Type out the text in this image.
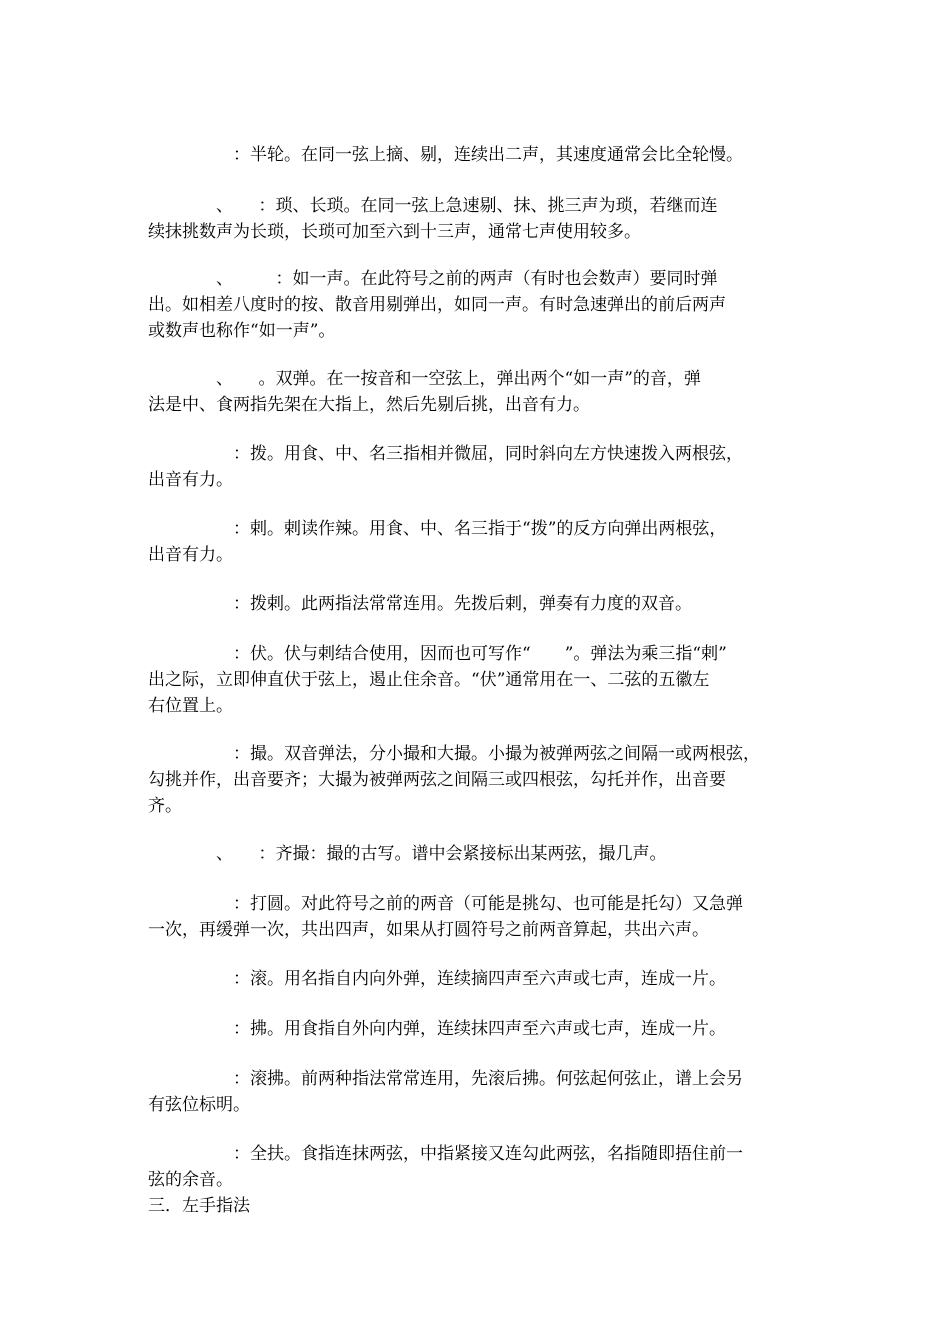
　　　　　：半轮。在同一弦上摘、剔，连续出二声，其速度通常会比全轮慢。
　　　　、　　：琐、长琐。在同一弦上急速剔、抹、挑三声为琐，若继而连
续抹挑数声为长琐，长琐可加至六到十三声，通常七声使用较多。
　　　　、　　　：如一声。在此符号之前的两声（有时也会数声）要同时弹
出。如相差八度时的按、散音用剔弹出，如同一声。有时急速弹出的前后两声
或数声也称作“如一声”。
　　　　、　　。双弹。在一按音和一空弦上，弹出两个“如一声”的音，弹
法是中、食两指先架在大指上，然后先剔后挑，出音有力。
　　　　　：拨。用食、中、名三指相并微屈，同时斜向左方快速拨入两根弦，
出音有力。
　　　　　：剌。剌读作辣。用食、中、名三指于“拨”的反方向弹出两根弦，
出音有力。
　　　　　：拨剌。此两指法常常连用。先拨后剌，弹奏有力度的双音。
　　　　　：伏。伏与剌结合使用，因而也可写作“　　”。弹法为乘三指“剌”
出之际，立即伸直伏于弦上，遏止住余音。“伏”通常用在一、二弦的五徽左
右位置上。
　　　　　：撮。双音弹法，分小撮和大撮。小撮为被弹两弦之间隔一或两根弦，
勾挑并作，出音要齐；大撮为被弹两弦之间隔三或四根弦，勾托并作，出音要
齐。
　　　　、　　：齐撮：撮的古写。谱中会紧接标出某两弦，撮几声。
　　　　　：打圆。对此符号之前的两音（可能是挑勾、也可能是托勾）又急弹
一次，再缓弹一次，共出四声，如果从打圆符号之前两音算起，共出六声。
　　　　　：滚。用名指自内向外弹，连续摘四声至六声或七声，连成一片。
　　　　　：拂。用食指自外向内弹，连续抹四声至六声或七声，连成一片。
　　　　　：滚拂。前两种指法常常连用，先滚后拂。何弦起何弦止，谱上会另
有弦位标明。
　　　　　：全扶。食指连抹两弦，中指紧接又连勾此两弦，名指随即捂住前一
弦的余音。
三．左手指法
